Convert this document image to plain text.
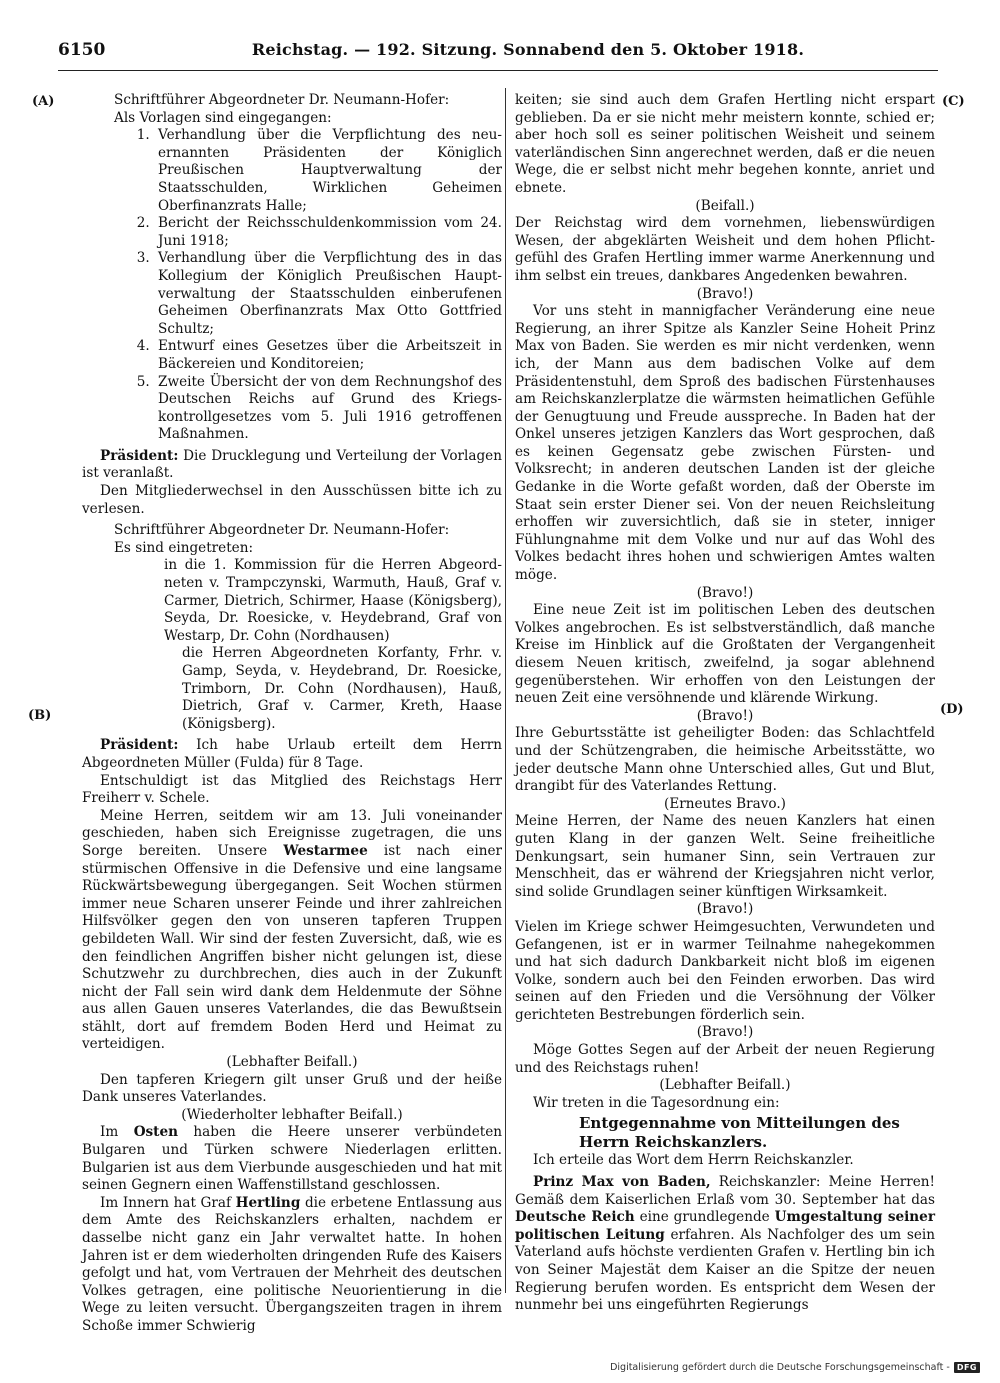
6150	Reichstag. — 192. Sitzung. Sonnabend den 5. Oktober 1918.
(A)
(B)
(C)
(D)

Schriftführer Abgeordneter Dr. Neumann-Hofer:

Als Vorlagen sind eingegangen:

1. Verhandlung über die Verpflichtung des neuernannten Präsidenten der Königlich Preußischen Hauptverwaltung der Staatsschulden, Wirklichen Geheimen Oberfinanzrats Halle;
2. Bericht der Reichsschuldenkommission vom 24. Juni 1918;
3. Verhandlung über die Verpflichtung des in das Kollegium der Königlich Preußischen Hauptverwaltung der Staatsschulden einberufenen Geheimen Oberfinanzrats Max Otto Gottfried Schultz;
4. Entwurf eines Gesetzes über die Arbeitszeit in Bäckereien und Konditoreien;
5. Zweite Übersicht der von dem Rechnungshof des Deutschen Reichs auf Grund des Kriegskontrollgesetzes vom 5. Juli 1916 getroffenen Maßnahmen.

Präsident: Die Drucklegung und Verteilung der Vorlagen ist veranlaßt.

Den Mitgliederwechsel in den Ausschüssen bitte ich zu verlesen.

Schriftführer Abgeordneter Dr. Neumann-Hofer:

Es sind eingetreten:

in die 1. Kommission für die Herren Abgeordneten v. Trampczynski, Warmuth, Hauß, Graf v. Carmer, Dietrich, Schirmer, Haase (Königsberg), Seyda, Dr. Roesicke, v. Heydebrand, Graf von Westarp, Dr. Cohn (Nordhausen)

die Herren Abgeordneten Korfanty, Frhr. v. Gamp, Seyda, v. Heydebrand, Dr. Roesicke, Trimborn, Dr. Cohn (Nordhausen), Hauß, Dietrich, Graf v. Carmer, Kreth, Haase (Königsberg).

Präsident: Ich habe Urlaub erteilt dem Herrn Abgeordneten Müller (Fulda) für 8 Tage.

Entschuldigt ist das Mitglied des Reichstags Herr Freiherr v. Schele.

Meine Herren, seitdem wir am 13. Juli voneinander geschieden, haben sich Ereignisse zugetragen, die uns Sorge bereiten. Unsere Westarmee ist nach einer stürmischen Offensive in die Defensive und eine langsame Rückwärtsbewegung übergegangen. Seit Wochen stürmen immer neue Scharen unserer Feinde und ihrer zahlreichen Hilfsvölker gegen den von unseren tapferen Truppen gebildeten Wall. Wir sind der festen Zuversicht, daß, wie es den feindlichen Angriffen bisher nicht gelungen ist, diese Schutzwehr zu durchbrechen, dies auch in der Zukunft nicht der Fall sein wird dank dem Heldenmute der Söhne aus allen Gauen unseres Vaterlandes, die das Bewußtsein stählt, dort auf fremdem Boden Herd und Heimat zu verteidigen.

(Lebhafter Beifall.)

Den tapferen Kriegern gilt unser Gruß und der heiße Dank unseres Vaterlandes.

(Wiederholter lebhafter Beifall.)

Im Osten haben die Heere unserer verbündeten Bulgaren und Türken schwere Niederlagen erlitten. Bulgarien ist aus dem Vierbunde ausgeschieden und hat mit seinen Gegnern einen Waffenstillstand geschlossen.

Im Innern hat Graf Hertling die erbetene Entlassung aus dem Amte des Reichskanzlers erhalten, nachdem er dasselbe nicht ganz ein Jahr verwaltet hatte. In hohen Jahren ist er dem wiederholten dringenden Rufe des Kaisers gefolgt und hat, vom Vertrauen der Mehrheit des deutschen Volkes getragen, eine politische Neuorientierung in die Wege zu leiten versucht. Übergangszeiten tragen in ihrem Schoße immer Schwierig

keiten; sie sind auch dem Grafen Hertling nicht erspart geblieben. Da er sie nicht mehr meistern konnte, schied er; aber hoch soll es seiner politischen Weisheit und seinem vaterländischen Sinn angerechnet werden, daß er die neuen Wege, die er selbst nicht mehr begehen konnte, anriet und ebnete.

(Beifall.)

Der Reichstag wird dem vornehmen, liebenswürdigen Wesen, der abgeklärten Weisheit und dem hohen Pflichtgefühl des Grafen Hertling immer warme Anerkennung und ihm selbst ein treues, dankbares Angedenken bewahren.

(Bravo!)

Vor uns steht in mannigfacher Veränderung eine neue Regierung, an ihrer Spitze als Kanzler Seine Hoheit Prinz Max von Baden. Sie werden es mir nicht verdenken, wenn ich, der Mann aus dem badischen Volke auf dem Präsidentenstuhl, dem Sproß des badischen Fürstenhauses am Reichskanzlerplatze die wärmsten heimatlichen Gefühle der Genugtuung und Freude ausspreche. In Baden hat der Onkel unseres jetzigen Kanzlers das Wort gesprochen, daß es keinen Gegensatz gebe zwischen Fürsten- und Volksrecht; in anderen deutschen Landen ist der gleiche Gedanke in die Worte gefaßt worden, daß der Oberste im Staat sein erster Diener sei. Von der neuen Reichsleitung erhoffen wir zuversichtlich, daß sie in steter, inniger Fühlungnahme mit dem Volke und nur auf das Wohl des Volkes bedacht ihres hohen und schwierigen Amtes walten möge.

(Bravo!)

Eine neue Zeit ist im politischen Leben des deutschen Volkes angebrochen. Es ist selbstverständlich, daß manche Kreise im Hinblick auf die Großtaten der Vergangenheit diesem Neuen kritisch, zweifelnd, ja sogar ablehnend gegenüberstehen. Wir erhoffen von den Leistungen der neuen Zeit eine versöhnende und klärende Wirkung.

(Bravo!)

Ihre Geburtsstätte ist geheiligter Boden: das Schlachtfeld und der Schützengraben, die heimische Arbeitsstätte, wo jeder deutsche Mann ohne Unterschied alles, Gut und Blut, drangibt für des Vaterlandes Rettung.

(Erneutes Bravo.)

Meine Herren, der Name des neuen Kanzlers hat einen guten Klang in der ganzen Welt. Seine freiheitliche Denkungsart, sein humaner Sinn, sein Vertrauen zur Menschheit, das er während der Kriegsjahren nicht verlor, sind solide Grundlagen seiner künftigen Wirksamkeit.

(Bravo!)

Vielen im Kriege schwer Heimgesuchten, Verwundeten und Gefangenen, ist er in warmer Teilnahme nahegekommen und hat sich dadurch Dankbarkeit nicht bloß im eigenen Volke, sondern auch bei den Feinden erworben. Das wird seinen auf den Frieden und die Versöhnung der Völker gerichteten Bestrebungen förderlich sein.

(Bravo!)

Möge Gottes Segen auf der Arbeit der neuen Regierung und des Reichstags ruhen!

(Lebhafter Beifall.)

Wir treten in die Tagesordnung ein:

Entgegennahme von Mitteilungen des Herrn Reichskanzlers.

Ich erteile das Wort dem Herrn Reichskanzler.

Prinz Max von Baden, Reichskanzler: Meine Herren! Gemäß dem Kaiserlichen Erlaß vom 30. September hat das Deutsche Reich eine grundlegende Umgestaltung seiner politischen Leitung erfahren. Als Nachfolger des um sein Vaterland aufs höchste verdienten Grafen v. Hertling bin ich von Seiner Majestät dem Kaiser an die Spitze der neuen Regierung berufen worden. Es entspricht dem Wesen der nunmehr bei uns eingeführten Regierungs

Digitalisierung gefördert durch die Deutsche Forschungsgemeinschaft - DFG
